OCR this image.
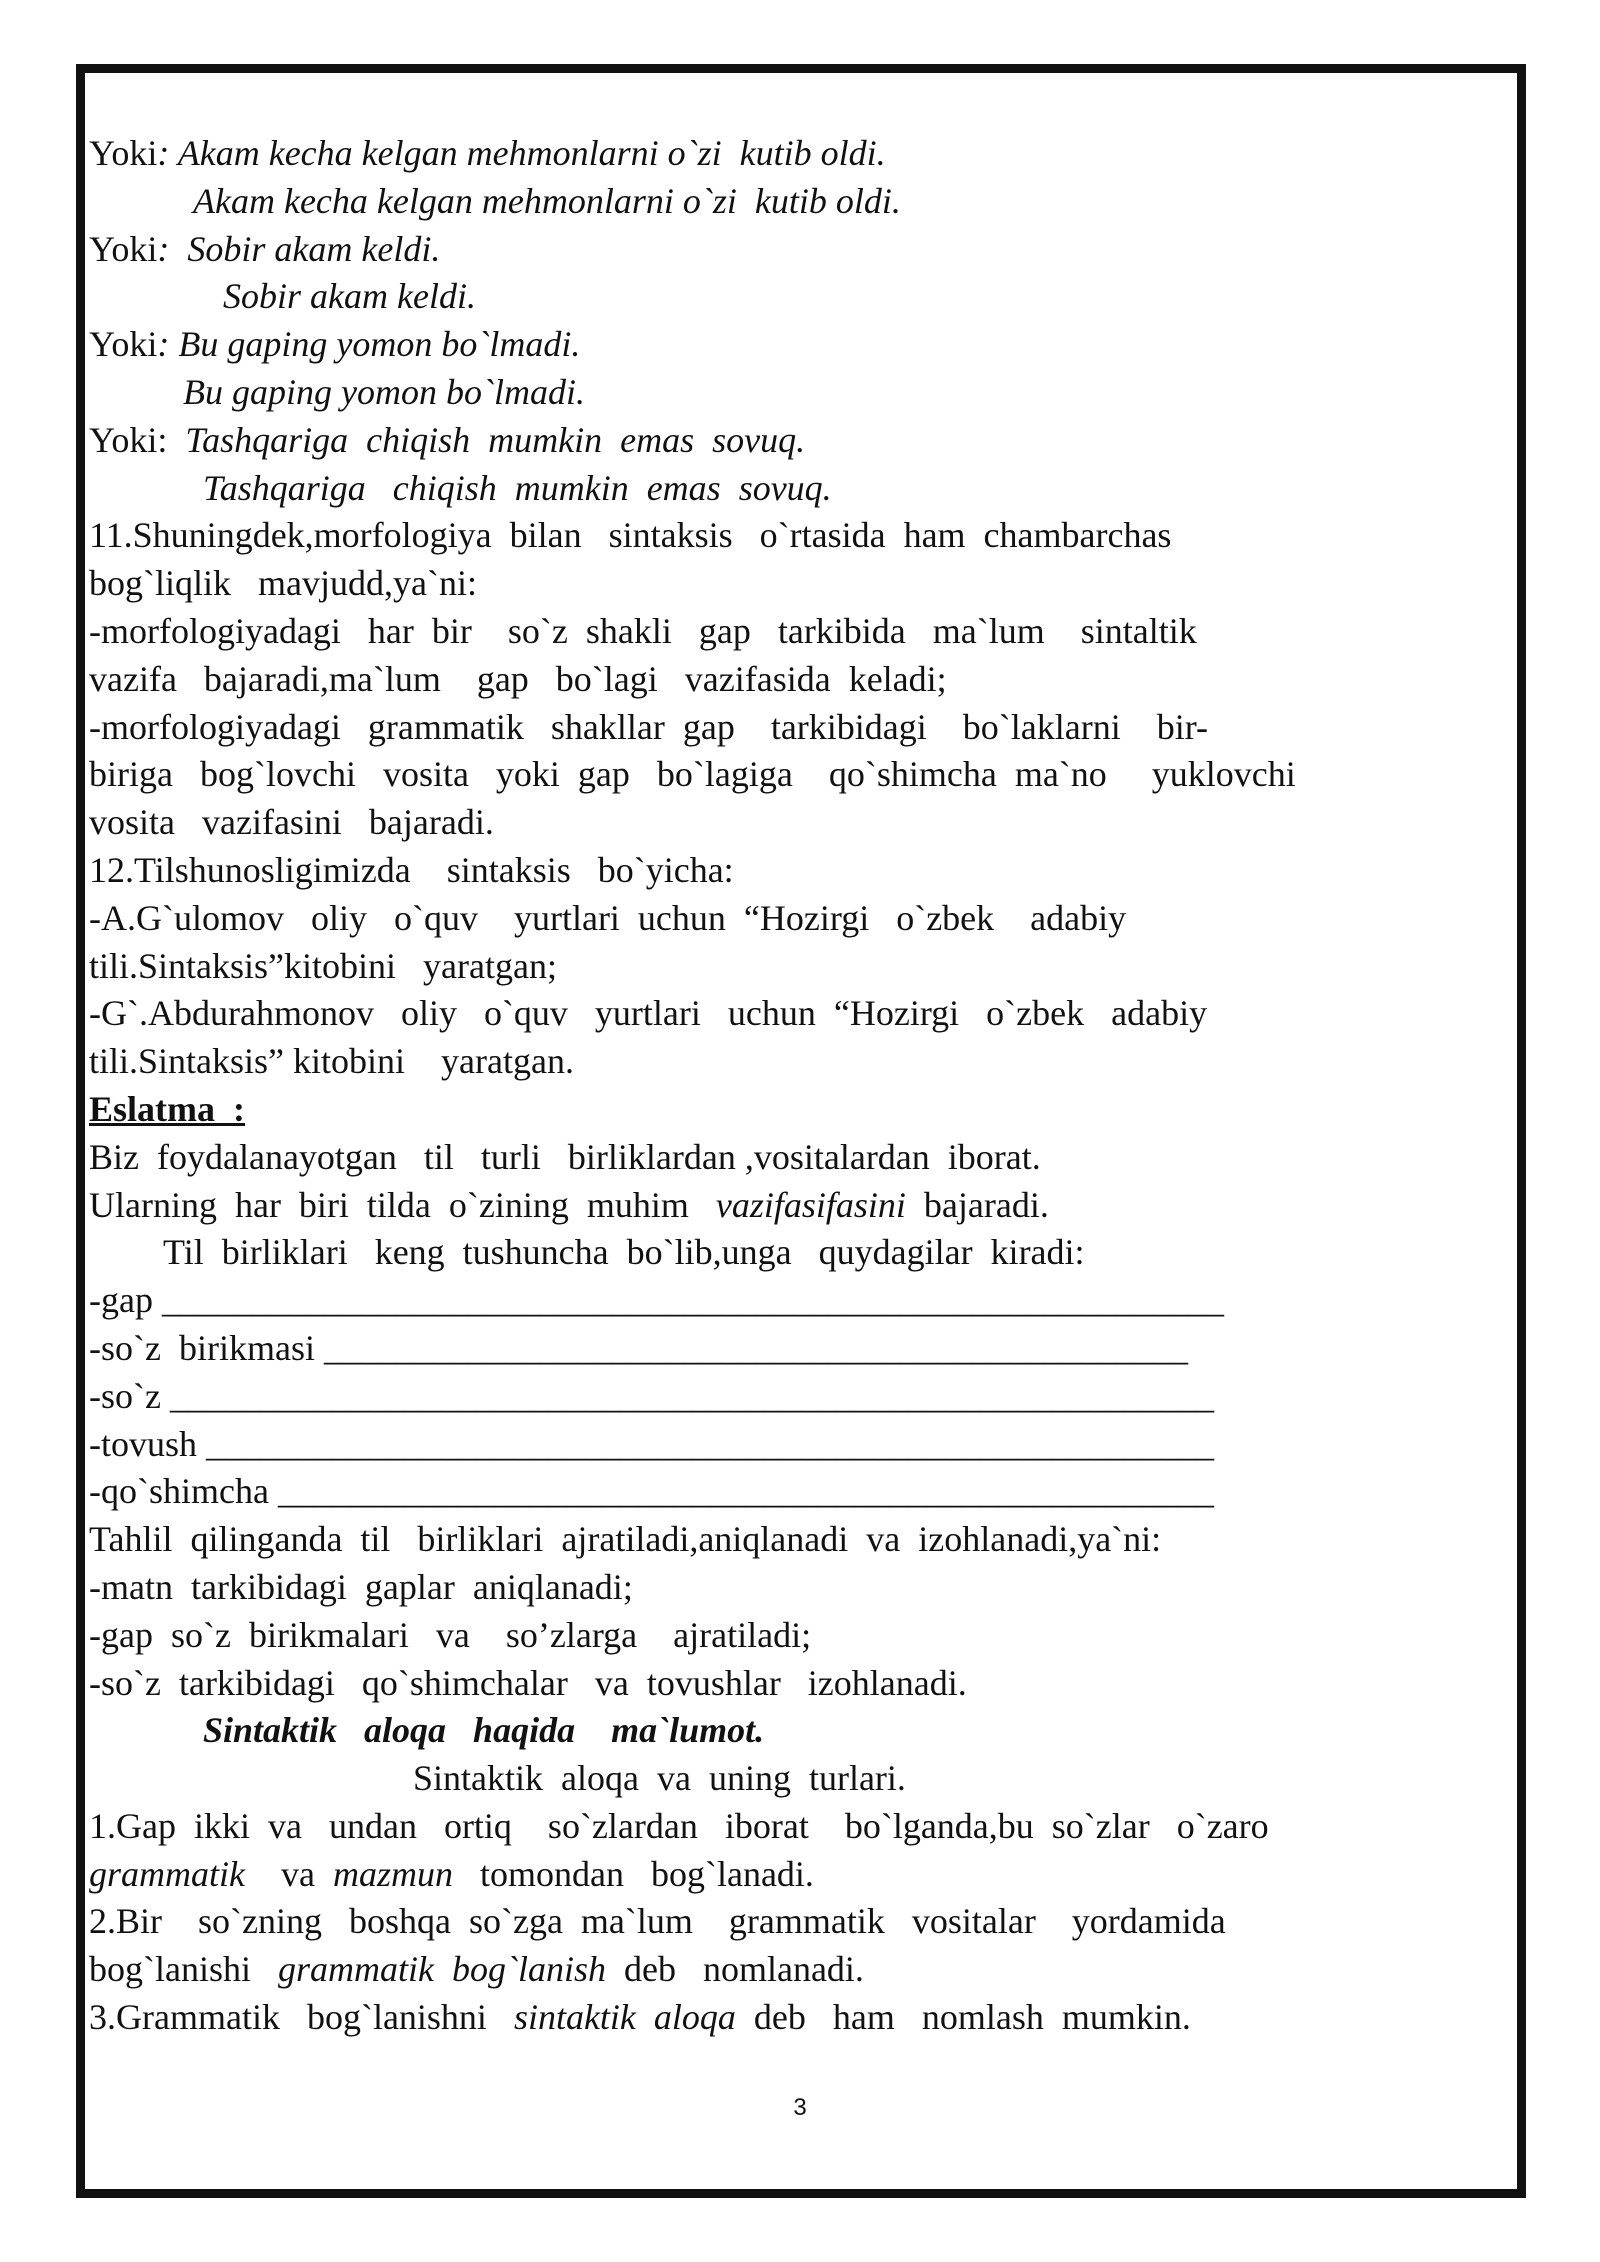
Yoki: Akam kecha kelgan mehmonlarni o`zi  kutib oldi.
Akam kecha kelgan mehmonlarni o`zi  kutib oldi.
Yoki:  Sobir akam keldi.
Sobir akam keldi.
Yoki: Bu gaping yomon bo`lmadi.
Bu gaping yomon bo`lmadi.
Yoki:  Tashqariga  chiqish  mumkin  emas  sovuq.
Tashqariga   chiqish  mumkin  emas  sovuq.
11.Shuningdek,morfologiya  bilan   sintaksis   o`rtasida  ham  chambarchas
bog`liqlik   mavjudd,ya`ni:
-morfologiyadagi   har  bir    so`z  shakli   gap   tarkibida   ma`lum    sintaltik
vazifa   bajaradi,ma`lum    gap   bo`lagi   vazifasida  keladi;
-morfologiyadagi   grammatik   shakllar  gap    tarkibidagi    bo`laklarni    bir-
biriga   bog`lovchi   vosita   yoki  gap   bo`lagiga    qo`shimcha  ma`no     yuklovchi
vosita   vazifasini   bajaradi.
12.Tilshunosligimizda    sintaksis   bo`yicha:
-A.G`ulomov   oliy   o`quv    yurtlari  uchun  “Hozirgi   o`zbek    adabiy
tili.Sintaksis”kitobini   yaratgan;
-G`.Abdurahmonov   oliy   o`quv   yurtlari   uchun  “Hozirgi   o`zbek   adabiy
tili.Sintaksis” kitobini    yaratgan.
Eslatma  :
Biz  foydalanayotgan   til   turli   birliklardan ,vositalardan  iborat.
Ularning  har  biri  tilda  o`zining  muhim   vazifasifasini  bajaradi.
Til  birliklari   keng  tushuncha  bo`lib,unga   quydagilar  kiradi:
-gap ___________________________________________________________
-so`z  birikmasi ________________________________________________
-so`z __________________________________________________________
-tovush ________________________________________________________
-qo`shimcha ____________________________________________________
Tahlil  qilinganda  til   birliklari  ajratiladi,aniqlanadi  va  izohlanadi,ya`ni:
-matn  tarkibidagi  gaplar  aniqlanadi;
-gap  so`z  birikmalari   va    so’zlarga    ajratiladi;
-so`z  tarkibidagi   qo`shimchalar   va  tovushlar   izohlanadi.
Sintaktik   aloqa   haqida    ma`lumot.
Sintaktik  aloqa  va  uning  turlari.
1.Gap  ikki  va   undan   ortiq    so`zlardan   iborat    bo`lganda,bu  so`zlar   o`zaro
grammatik    va  mazmun   tomondan   bog`lanadi.
2.Bir    so`zning   boshqa  so`zga  ma`lum    grammatik   vositalar    yordamida
bog`lanishi   grammatik  bog`lanish  deb   nomlanadi.
3.Grammatik   bog`lanishni   sintaktik  aloqa  deb   ham   nomlash  mumkin.
3
